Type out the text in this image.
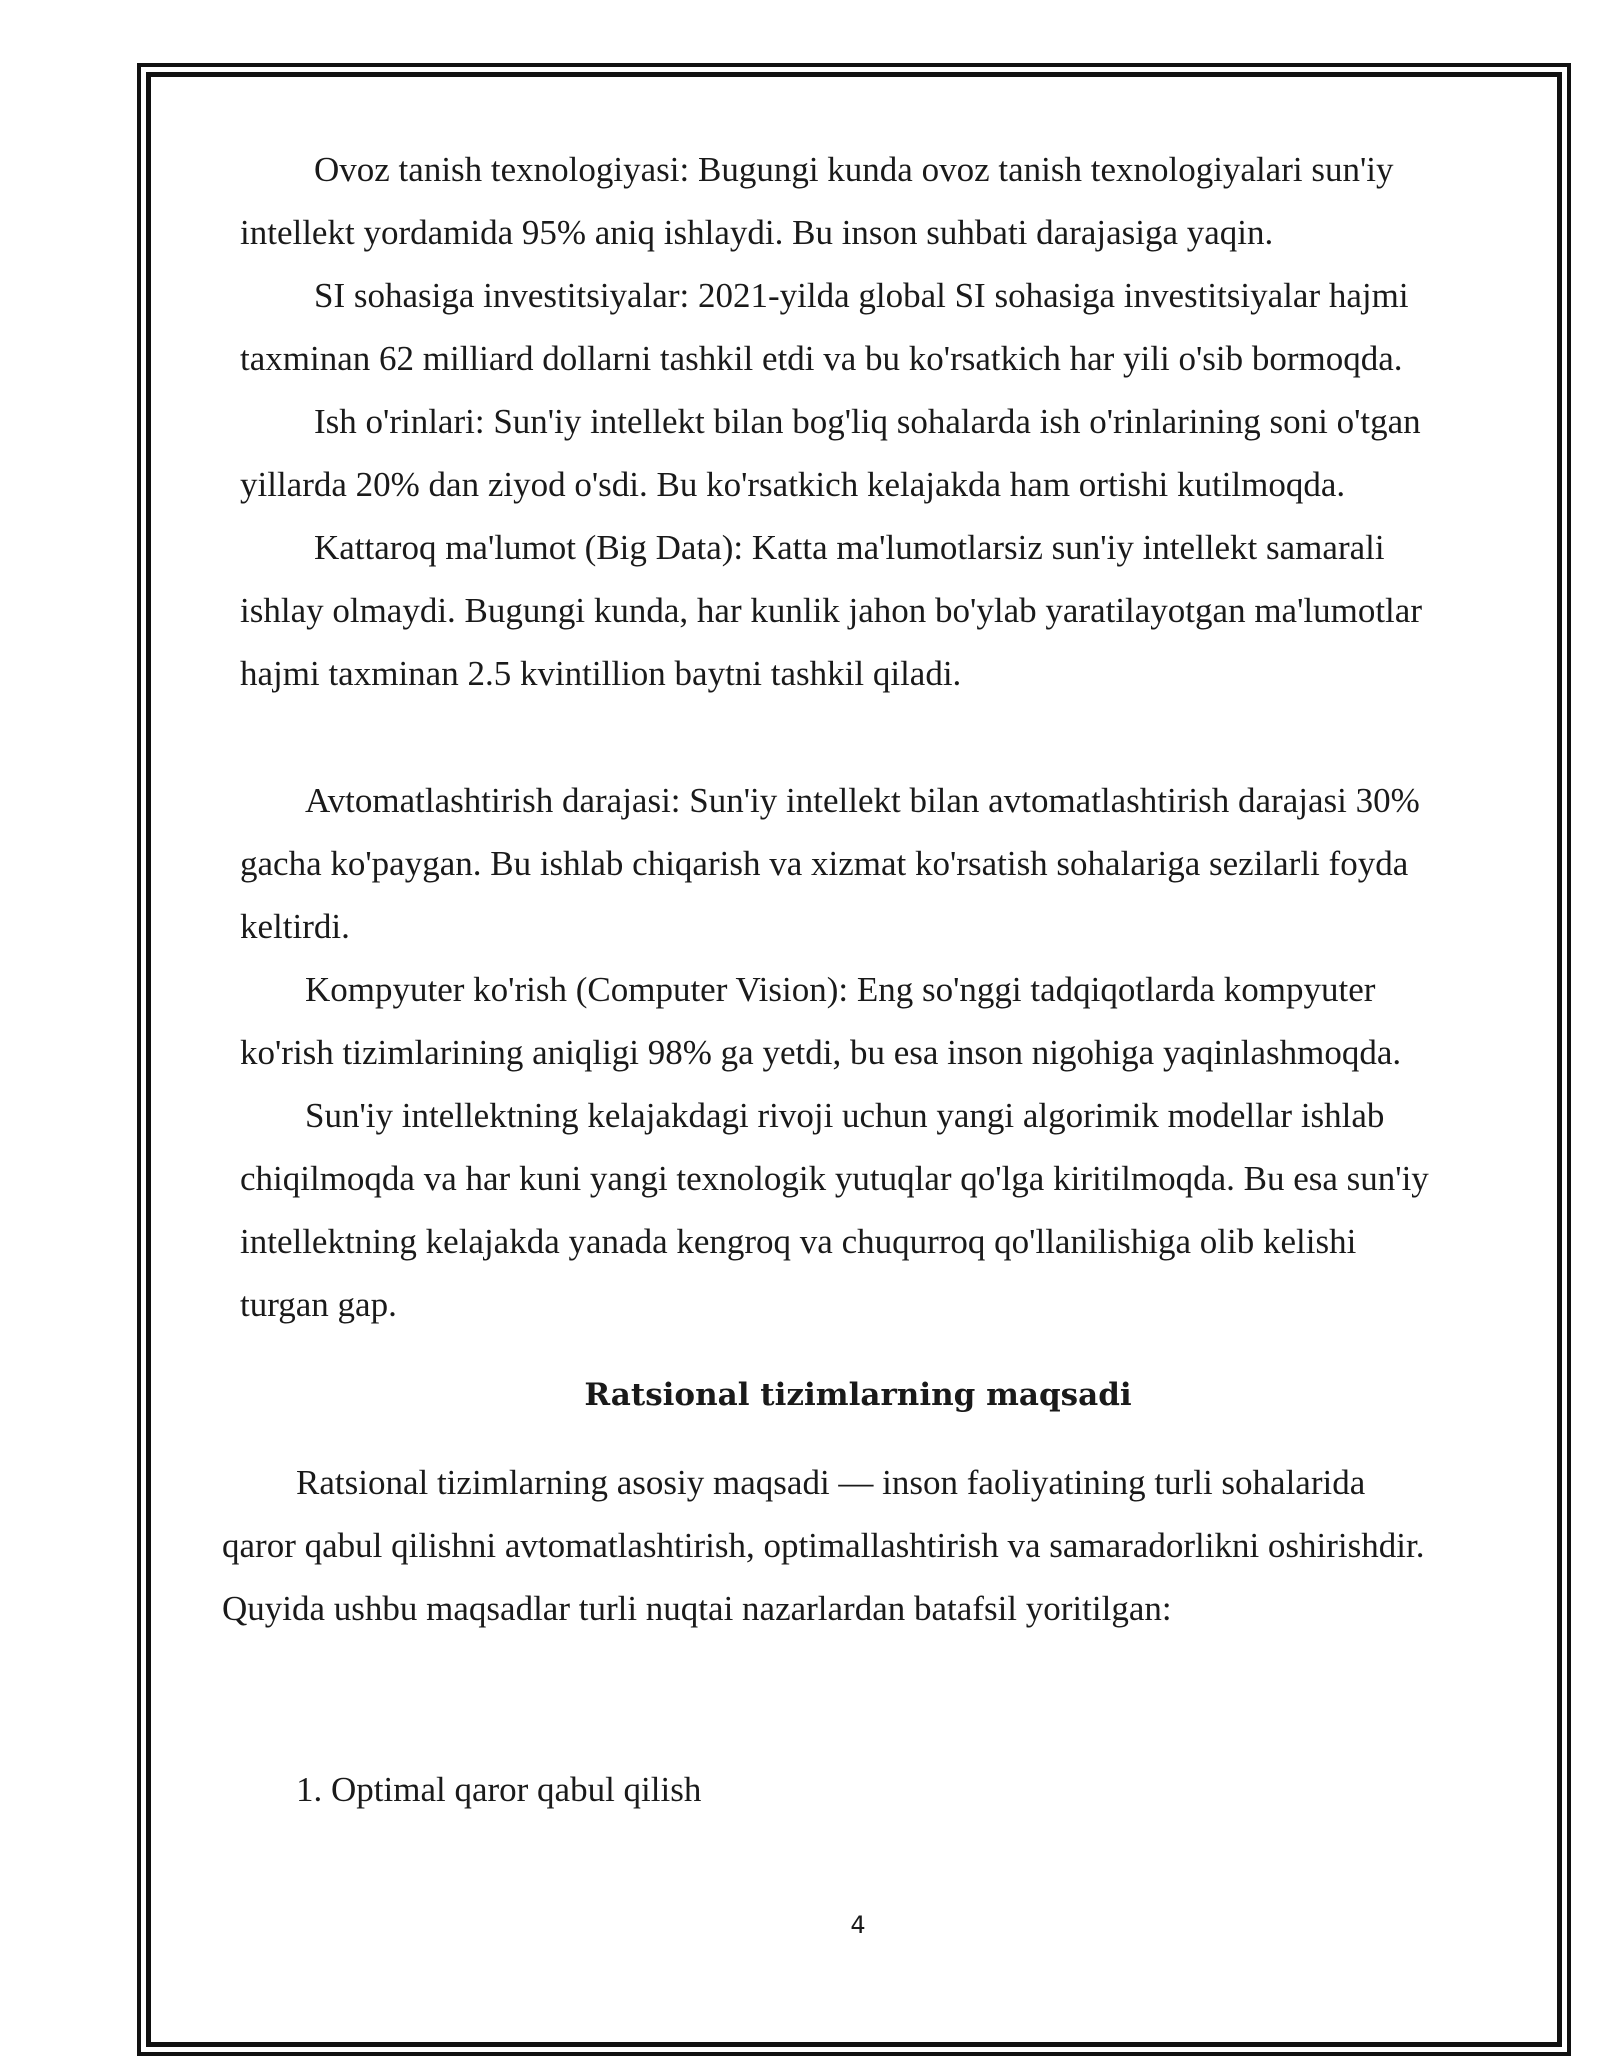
Ovoz tanish texnologiyasi: Bugungi kunda ovoz tanish texnologiyalari sun'iy

intellekt yordamida 95% aniq ishlaydi. Bu inson suhbati darajasiga yaqin.

SI sohasiga investitsiyalar: 2021-yilda global SI sohasiga investitsiyalar hajmi

taxminan 62 milliard dollarni tashkil etdi va bu ko'rsatkich har yili o'sib bormoqda.

Ish o'rinlari: Sun'iy intellekt bilan bog'liq sohalarda ish o'rinlarining soni o'tgan

yillarda 20% dan ziyod o'sdi. Bu ko'rsatkich kelajakda ham ortishi kutilmoqda.

Kattaroq ma'lumot (Big Data): Katta ma'lumotlarsiz sun'iy intellekt samarali

ishlay olmaydi. Bugungi kunda, har kunlik jahon bo'ylab yaratilayotgan ma'lumotlar

hajmi taxminan 2.5 kvintillion baytni tashkil qiladi.

Avtomatlashtirish darajasi: Sun'iy intellekt bilan avtomatlashtirish darajasi 30%

gacha ko'paygan. Bu ishlab chiqarish va xizmat ko'rsatish sohalariga sezilarli foyda

keltirdi.

Kompyuter ko'rish (Computer Vision): Eng so'nggi tadqiqotlarda kompyuter

ko'rish tizimlarining aniqligi 98% ga yetdi, bu esa inson nigohiga yaqinlashmoqda.

Sun'iy intellektning kelajakdagi rivoji uchun yangi algorimik modellar ishlab

chiqilmoqda va har kuni yangi texnologik yutuqlar qo'lga kiritilmoqda. Bu esa sun'iy

intellektning kelajakda yanada kengroq va chuqurroq qo'llanilishiga olib kelishi

turgan gap.

Ratsional tizimlarning maqsadi

Ratsional tizimlarning asosiy maqsadi — inson faoliyatining turli sohalarida

qaror qabul qilishni avtomatlashtirish, optimallashtirish va samaradorlikni oshirishdir.

Quyida ushbu maqsadlar turli nuqtai nazarlardan batafsil yoritilgan:

1. Optimal qaror qabul qilish

4
